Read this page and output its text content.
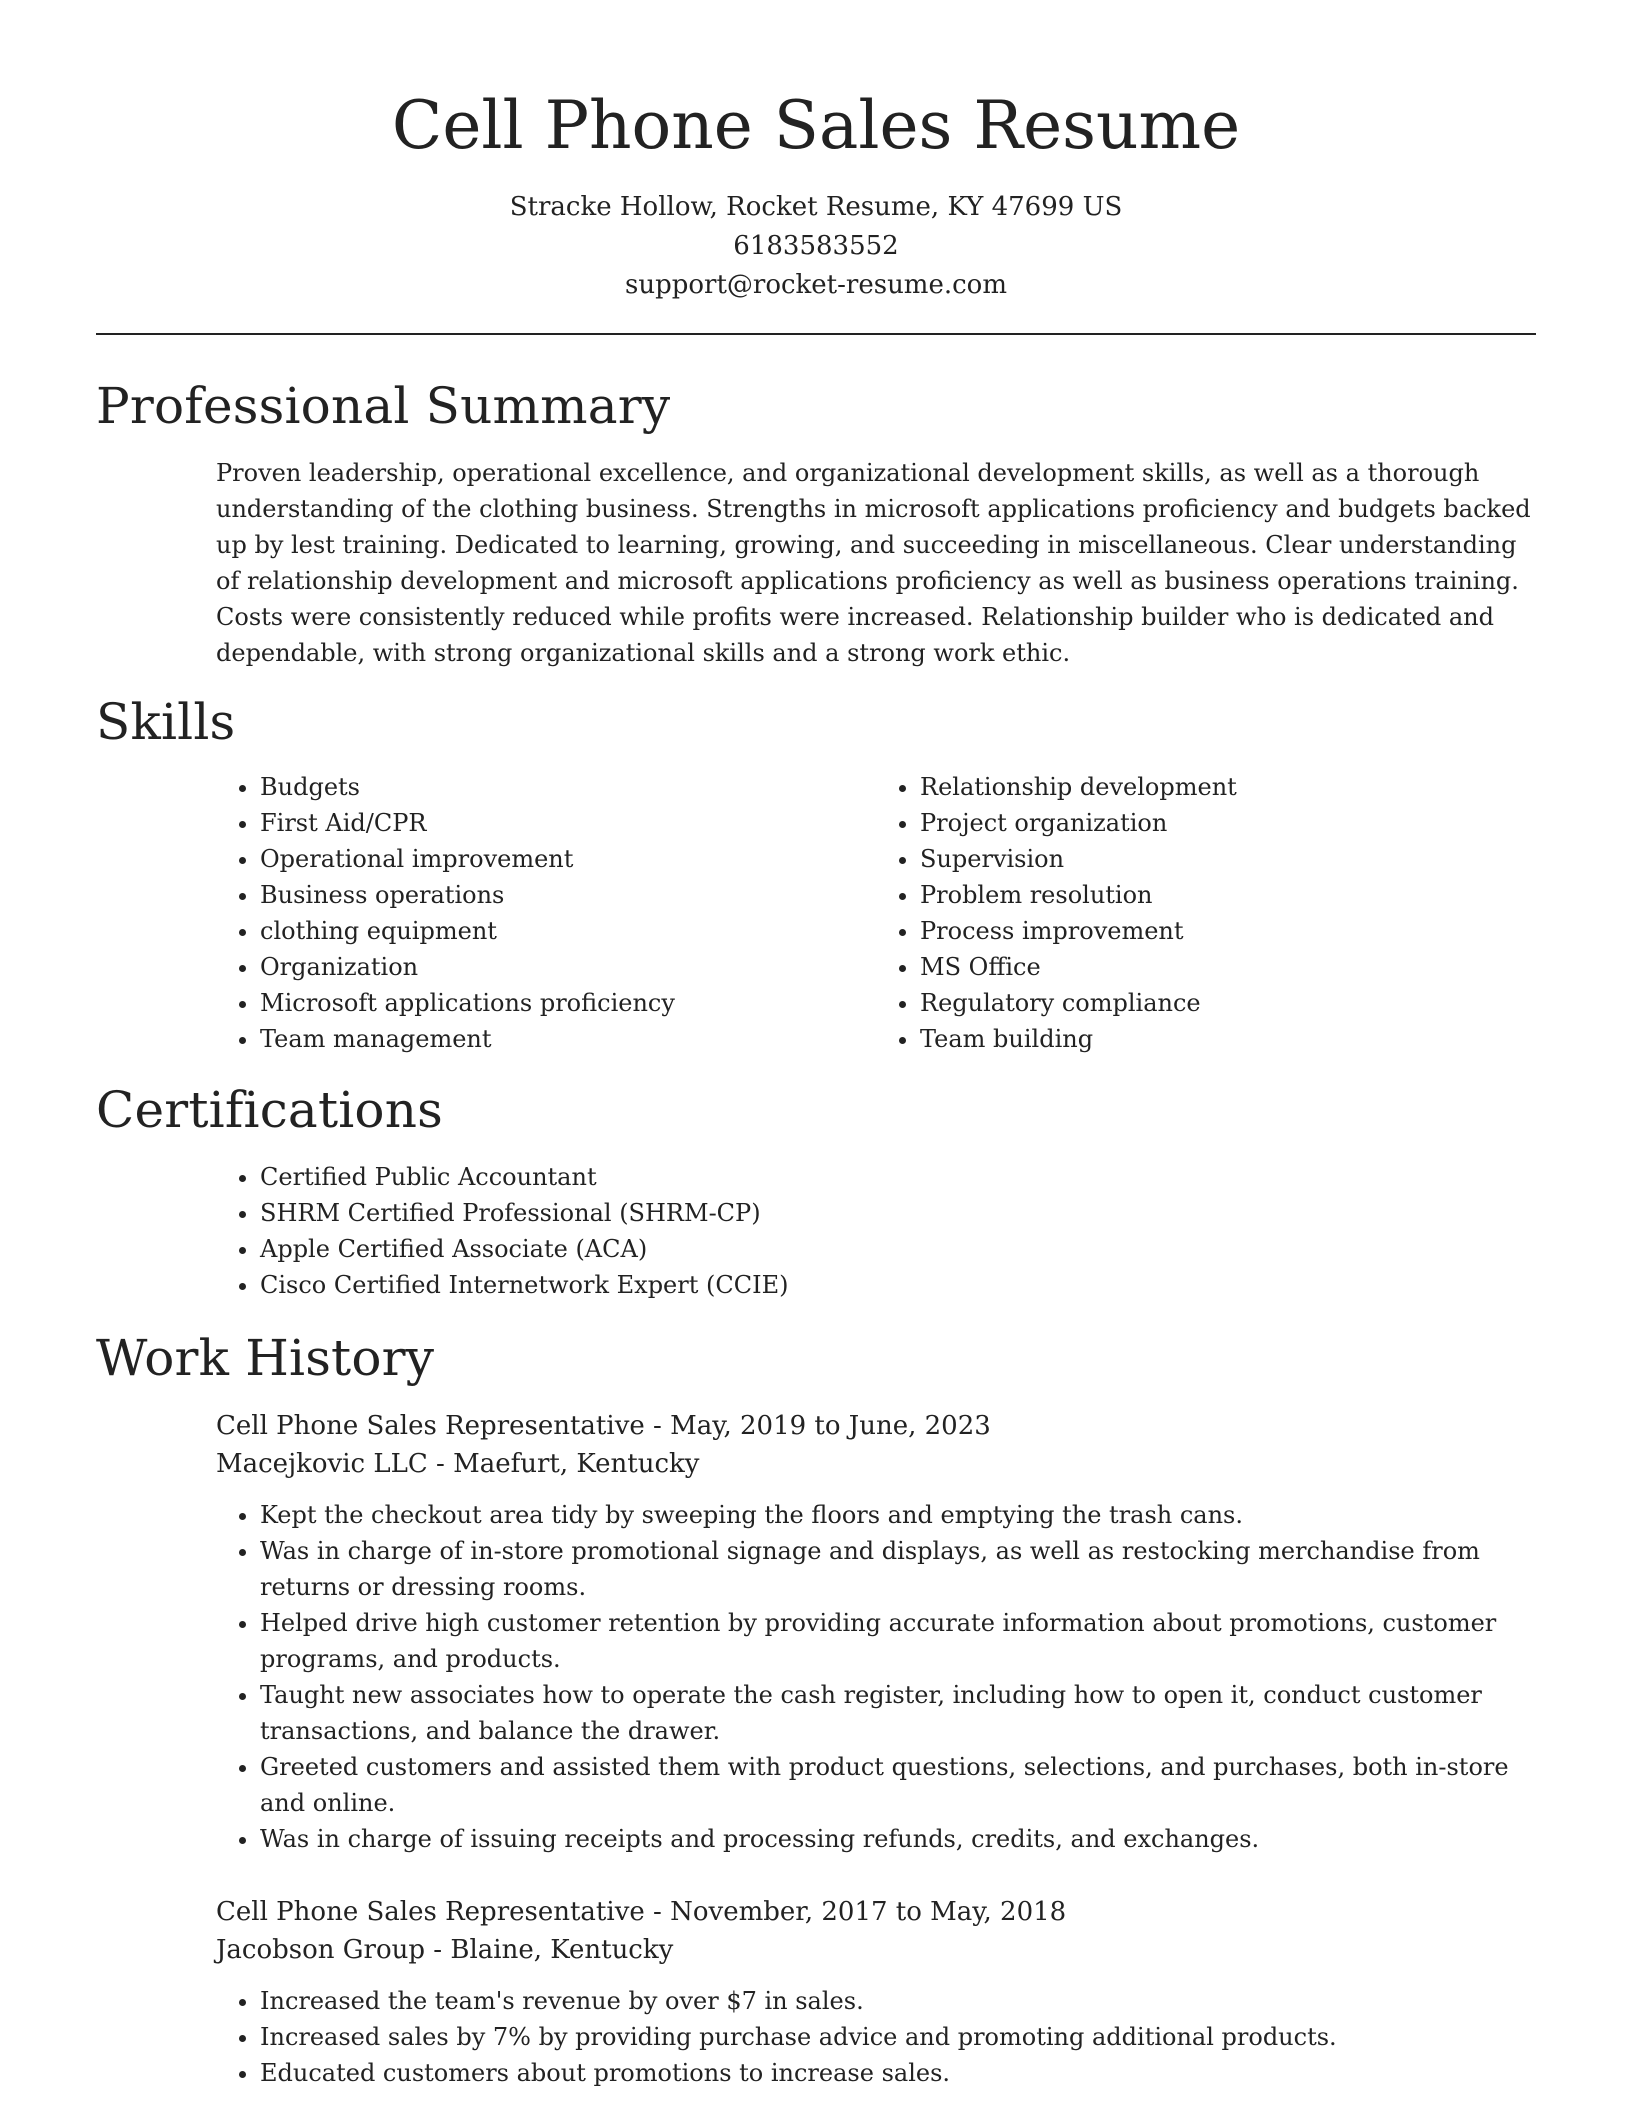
Cell Phone Sales Resume
Stracke Hollow, Rocket Resume, KY 47699 US
6183583552
support@rocket-resume.com
Professional Summary

Proven leadership, operational excellence, and organizational development skills, as well as a thorough understanding of the clothing business. Strengths in microsoft applications proficiency and budgets backed up by lest training. Dedicated to learning, growing, and succeeding in miscellaneous. Clear understanding of relationship development and microsoft applications proficiency as well as business operations training. Costs were consistently reduced while profits were increased. Relationship builder who is dedicated and dependable, with strong organizational skills and a strong work ethic.

Skills
• Budgets
• First Aid/CPR
• Operational improvement
• Business operations
• clothing equipment
• Organization
• Microsoft applications proficiency
• Team management
• Relationship development
• Project organization
• Supervision
• Problem resolution
• Process improvement
• MS Office
• Regulatory compliance
• Team building
Certifications
• Certified Public Accountant
• SHRM Certified Professional (SHRM-CP)
• Apple Certified Associate (ACA)
• Cisco Certified Internetwork Expert (CCIE)
Work History
Cell Phone Sales Representative - May, 2019 to June, 2023
Macejkovic LLC - Maefurt, Kentucky
• Kept the checkout area tidy by sweeping the floors and emptying the trash cans.
• Was in charge of in-store promotional signage and displays, as well as restocking merchandise from returns or dressing rooms.
• Helped drive high customer retention by providing accurate information about promotions, customer programs, and products.
• Taught new associates how to operate the cash register, including how to open it, conduct customer transactions, and balance the drawer.
• Greeted customers and assisted them with product questions, selections, and purchases, both in-store and online.
• Was in charge of issuing receipts and processing refunds, credits, and exchanges.
Cell Phone Sales Representative - November, 2017 to May, 2018
Jacobson Group - Blaine, Kentucky
• Increased the team's revenue by over $7 in sales.
• Increased sales by 7% by providing purchase advice and promoting additional products.
• Educated customers about promotions to increase sales.
